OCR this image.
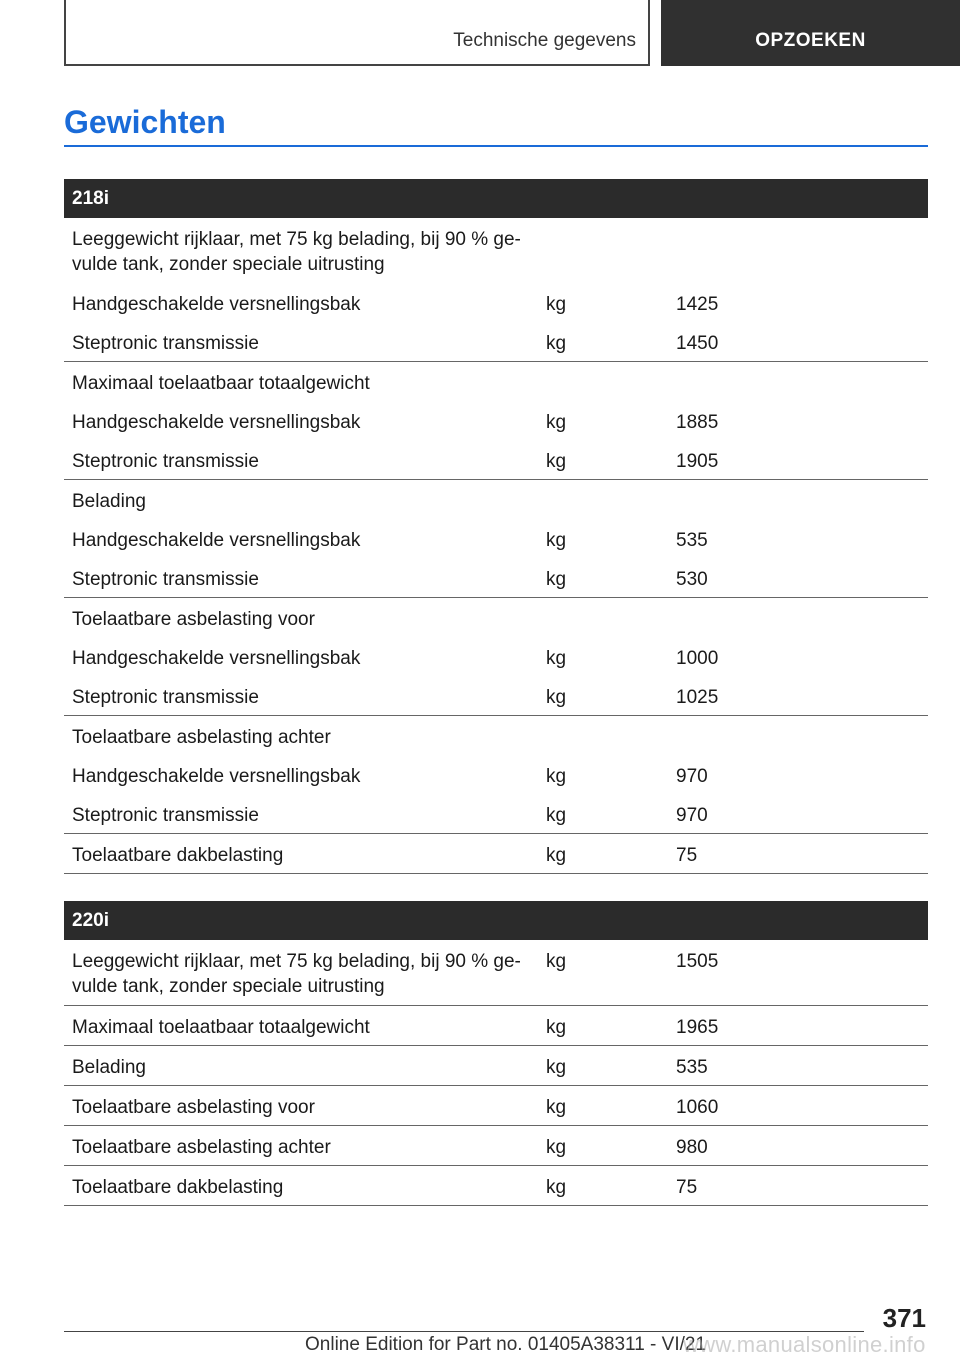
Technische gegevens	OPZOEKEN
Gewichten
218i
Leeggewicht rijklaar, met 75 kg belading, bij 90 % ge-
vulde tank, zonder speciale uitrusting
Handgeschakelde versnellingsbak	kg	1425
Steptronic transmissie	kg	1450
Maximaal toelaatbaar totaalgewicht
Handgeschakelde versnellingsbak	kg	1885
Steptronic transmissie	kg	1905
Belading
Handgeschakelde versnellingsbak	kg	535
Steptronic transmissie	kg	530
Toelaatbare asbelasting voor
Handgeschakelde versnellingsbak	kg	1000
Steptronic transmissie	kg	1025
Toelaatbare asbelasting achter
Handgeschakelde versnellingsbak	kg	970
Steptronic transmissie	kg	970
Toelaatbare dakbelasting	kg	75
220i
Leeggewicht rijklaar, met 75 kg belading, bij 90 % ge-
vulde tank, zonder speciale uitrusting
kg	1505
Maximaal toelaatbaar totaalgewicht	kg	1965
Belading	kg	535
Toelaatbare asbelasting voor	kg	1060
Toelaatbare asbelasting achter	kg	980
Toelaatbare dakbelasting	kg	75
371
Online Edition for Part no. 01405A38311 - VI/21
www.manualsonline.info
